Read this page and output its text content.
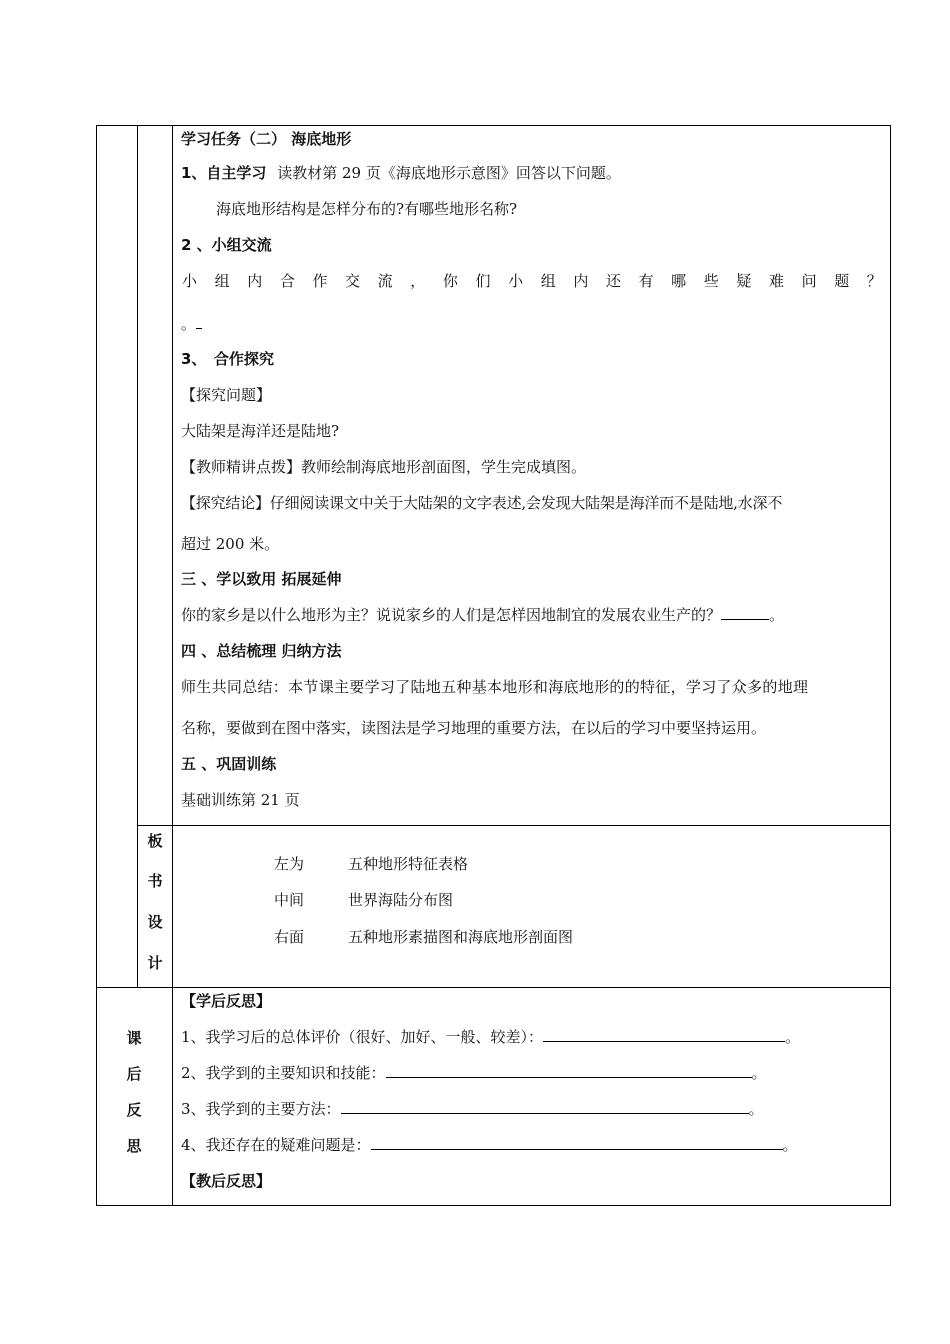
学习任务（二） 海底地形
1、自主学习 读教材第 29 页《海底地形示意图》回答以下问题。
海底地形结构是怎样分布的?有哪些地形名称?
2 、小组交流
小 组 内 合 作 交 流 ， 你 们 小 组 内 还 有 哪 些 疑 难 问 题 ？
。
3、　合作探究
【探究问题】
大陆架是海洋还是陆地?
【教师精讲点拨】教师绘制海底地形剖面图，学生完成填图。
【探究结论】仔细阅读课文中关于大陆架的文字表述,会发现大陆架是海洋而不是陆地,水深不
超过 200 米。
三 、学以致用 拓展延伸
你的家乡是以什么地形为主？说说家乡的人们是怎样因地制宜的发展农业生产的？	。
四 、总结梳理 归纳方法
师生共同总结：本节课主要学习了陆地五种基本地形和海底地形的的特征，学习了众多的地理
名称，要做到在图中落实，读图法是学习地理的重要方法，在以后的学习中要坚持运用。
五 、巩固训练
基础训练第 21 页
板
书
设
计
左为	五种地形特征表格
中间	世界海陆分布图
右面	五种地形素描图和海底地形剖面图
课
后
反
思
【学后反思】
1、我学习后的总体评价（很好、加好、一般、较差）：	。
2、我学到的主要知识和技能：	。
3、我学到的主要方法：	。
4、我还存在的疑难问题是：	。
【教后反思】
